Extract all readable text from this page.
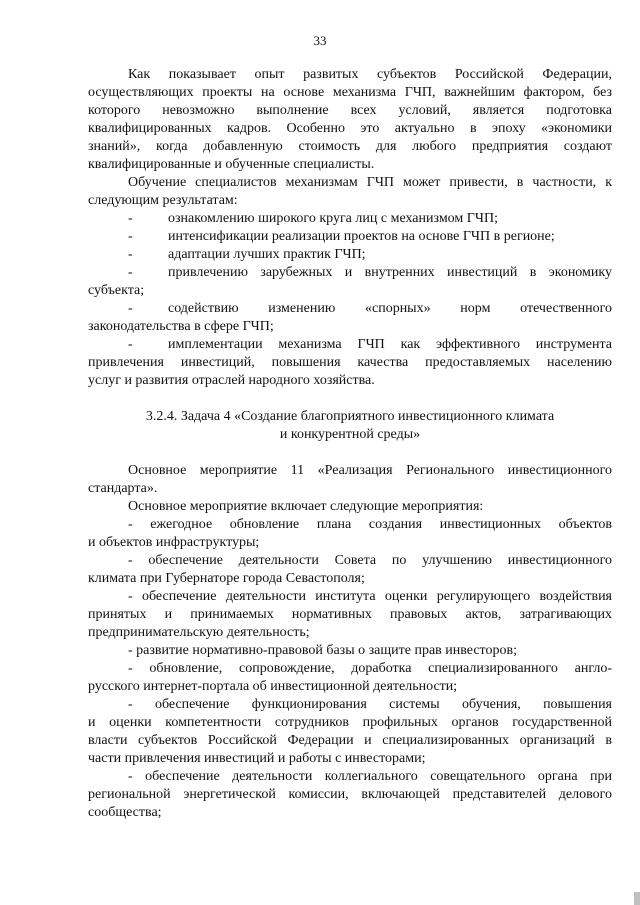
33
Как показывает опыт развитых субъектов Российской Федерации,
осуществляющих проекты на основе механизма ГЧП, важнейшим фактором, без
которого невозможно выполнение всех условий, является подготовка
квалифицированных кадров. Особенно это актуально в эпоху «экономики
знаний», когда добавленную стоимость для любого предприятия создают
квалифицированные и обученные специалисты.
Обучение специалистов механизмам ГЧП может привести, в частности, к
следующим результатам:
-	ознакомлению широкого круга лиц с механизмом ГЧП;
-	интенсификации реализации проектов на основе ГЧП в регионе;
-	адаптации лучших практик ГЧП;
-	привлечению зарубежных и внутренних инвестиций в экономику
субъекта;
-	содействию изменению «спорных» норм отечественного
законодательства в сфере ГЧП;
-	имплементации механизма ГЧП как эффективного инструмента
привлечения инвестиций, повышения качества предоставляемых населению
услуг и развития отраслей народного хозяйства.
3.2.4. Задача 4 «Создание благоприятного инвестиционного климата
и конкурентной среды»
Основное мероприятие 11 «Реализация Регионального инвестиционного
стандарта».
Основное мероприятие включает следующие мероприятия:
- ежегодное обновление плана создания инвестиционных объектов
и объектов инфраструктуры;
- обеспечение деятельности Совета по улучшению инвестиционного
климата при Губернаторе города Севастополя;
- обеспечение деятельности института оценки регулирующего воздействия
принятых и принимаемых нормативных правовых актов, затрагивающих
предпринимательскую деятельность;
- развитие нормативно-правовой базы о защите прав инвесторов;
- обновление, сопровождение, доработка специализированного англо-
русского интернет-портала об инвестиционной деятельности;
- обеспечение функционирования системы обучения, повышения
и оценки компетентности сотрудников профильных органов государственной
власти субъектов Российской Федерации и специализированных организаций в
части привлечения инвестиций и работы с инвесторами;
- обеспечение деятельности коллегиального совещательного органа при
региональной энергетической комиссии, включающей представителей делового
сообщества;
